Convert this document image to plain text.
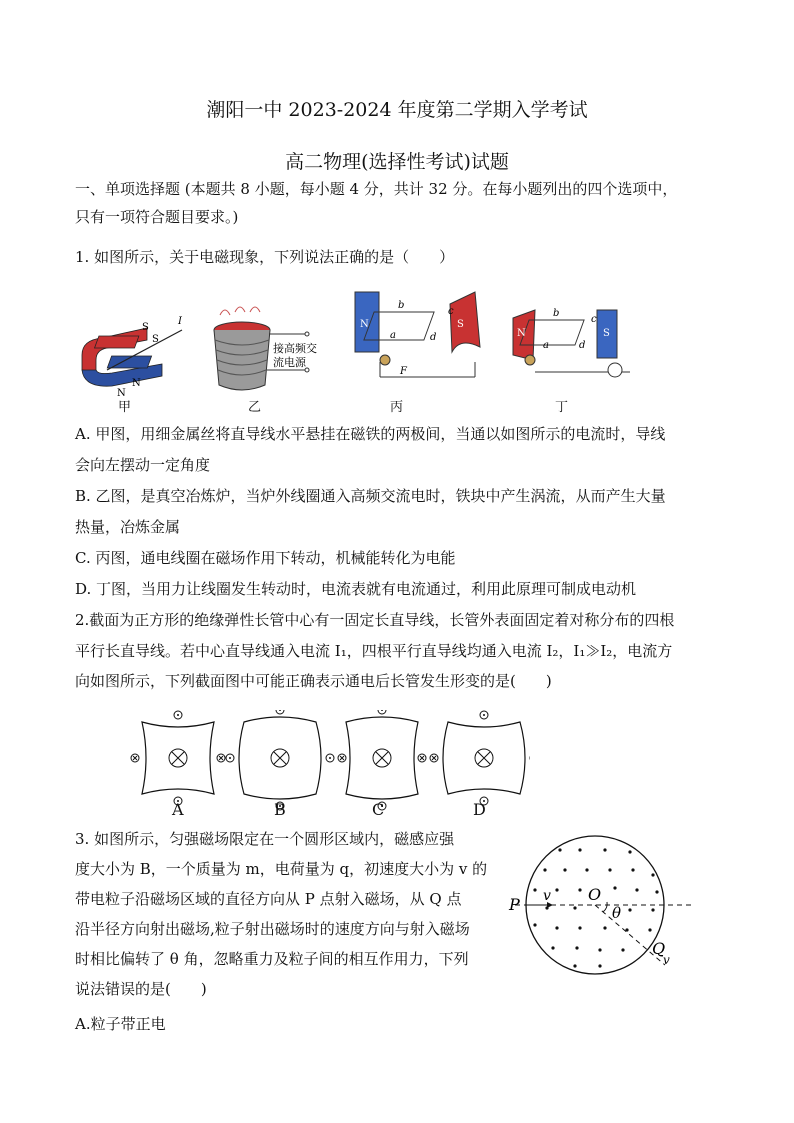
潮阳一中 2023-2024 年度第二学期入学考试
高二物理(选择性考试)试题
一、单项选择题 (本题共 8 小题，每小题 4 分，共计 32 分。在每小题列出的四个选项中，
只有一项符合题目要求。)
1. 如图所示，关于电磁现象，下列说法正确的是（　　）
S
S
N
N
I
甲
接高频交
流电源
乙
N	S
a
b
c
d
F
丙
N	S
a
b
c
d
丁
A. 甲图，用细金属丝将直导线水平悬挂在磁铁的两极间，当通以如图所示的电流时，导线
会向左摆动一定角度
B. 乙图，是真空冶炼炉，当炉外线圈通入高频交流电时，铁块中产生涡流，从而产生大量
热量，冶炼金属
C. 丙图，通电线圈在磁场作用下转动，机械能转化为电能
D. 丁图，当用力让线圈发生转动时，电流表就有电流通过，利用此原理可制成电动机
2.截面为正方形的绝缘弹性长管中心有一固定长直导线，长管外表面固定着对称分布的四根
平行长直导线。若中心直导线通入电流 I₁，四根平行直导线均通入电流 I₂，I₁≫I₂，电流方
向如图所示，下列截面图中可能正确表示通电后长管发生形变的是(　　)
A	B	C	D
3. 如图所示，匀强磁场限定在一个圆形区域内，磁感应强
度大小为 B，一个质量为 m，电荷量为 q，初速度大小为 v 的
带电粒子沿磁场区域的直径方向从 P 点射入磁场，从 Q 点
沿半径方向射出磁场,粒子射出磁场时的速度方向与射入磁场
时相比偏转了 θ 角，忽略重力及粒子间的相互作用力，下列
说法错误的是(　　)
A.粒子带正电
P v O
θ
Q
v
